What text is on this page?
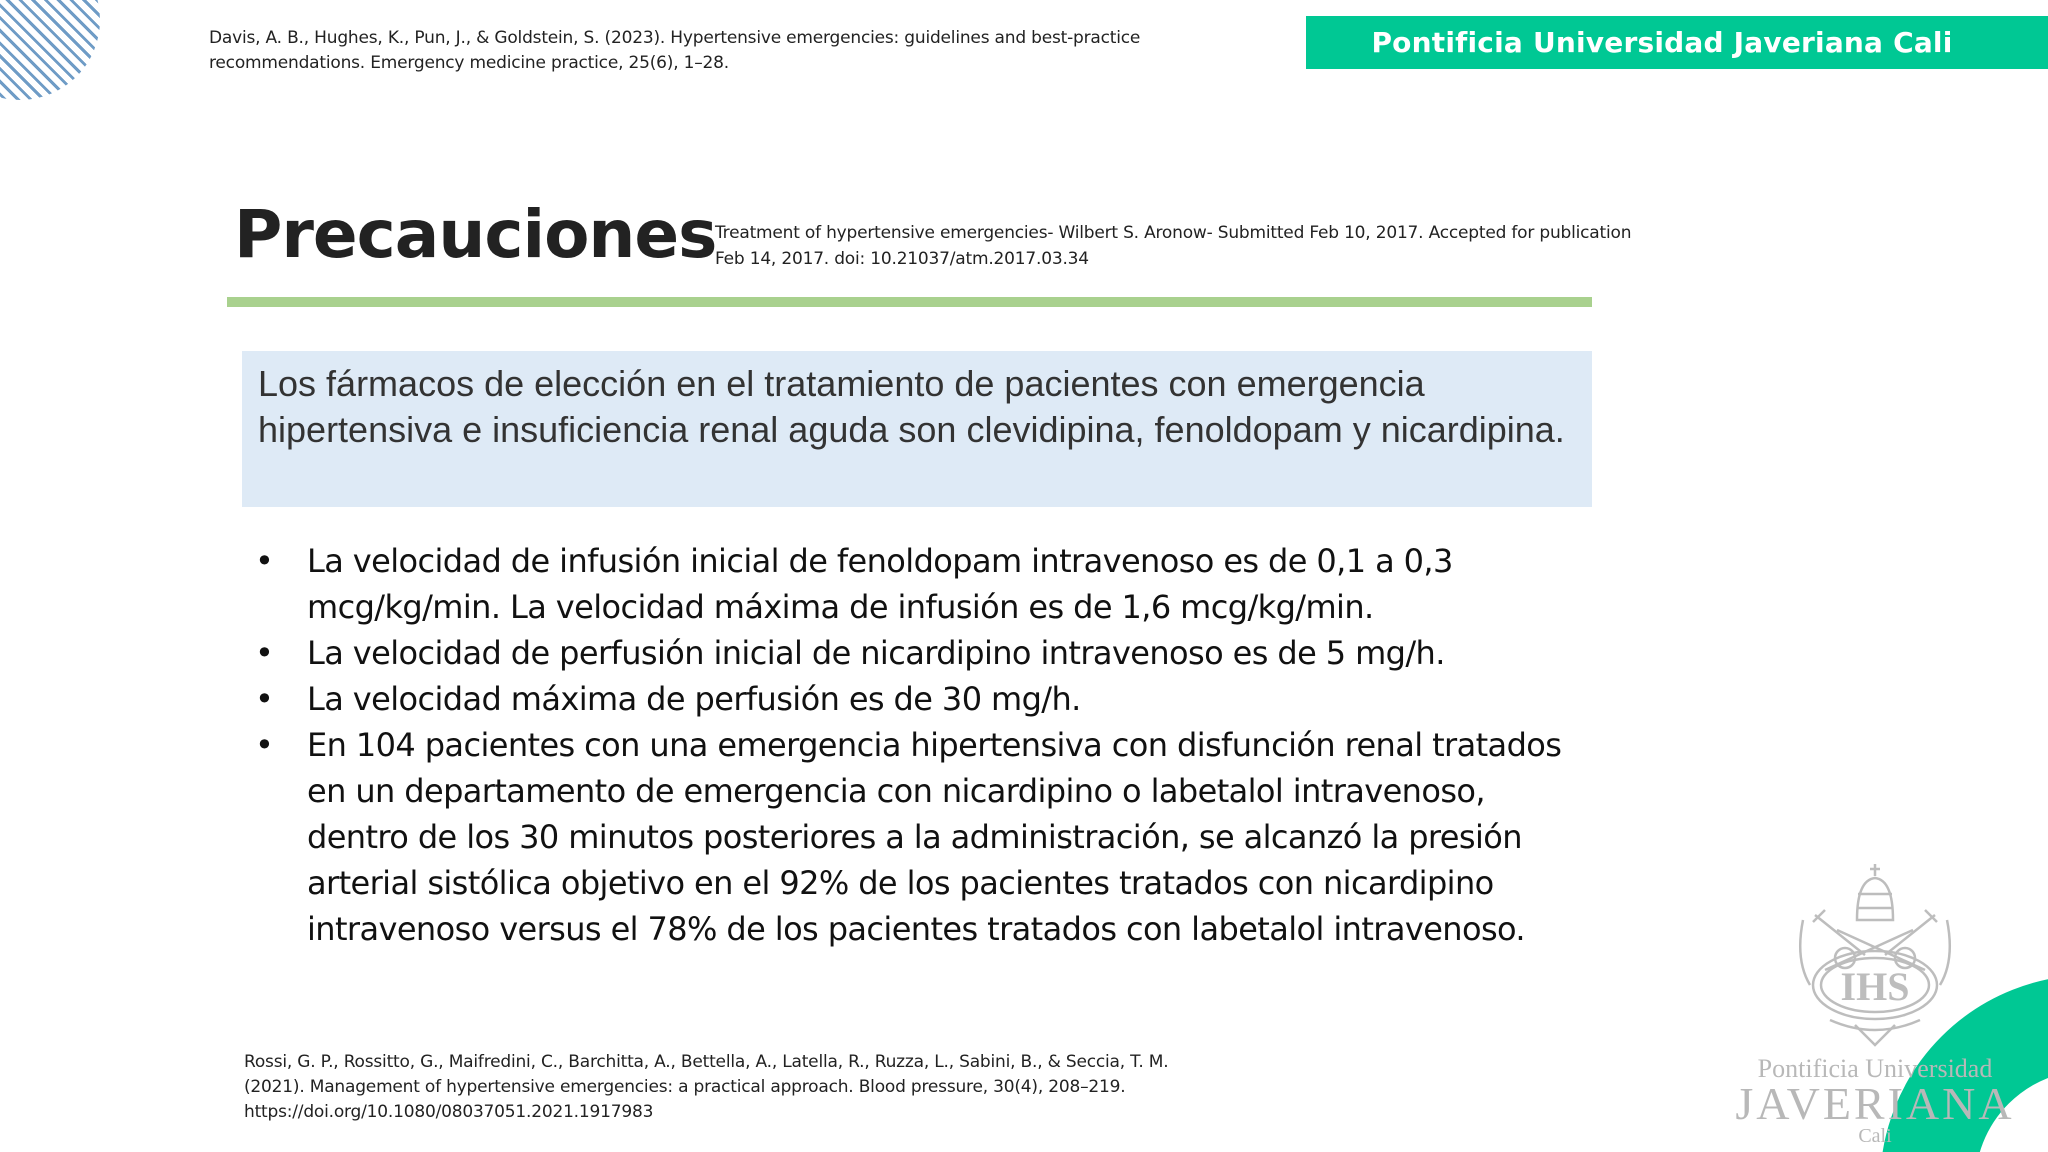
Davis, A. B., Hughes, K., Pun, J., & Goldstein, S. (2023). Hypertensive emergencies: guidelines and best-practice
recommendations. Emergency medicine practice, 25(6), 1–28.
Pontificia Universidad Javeriana Cali
Precauciones
Treatment of hypertensive emergencies- Wilbert S. Aronow- Submitted Feb 10, 2017. Accepted for publication
Feb 14, 2017. doi: 10.21037/atm.2017.03.34
Los fármacos de elección en el tratamiento de pacientes con emergencia hipertensiva e insuficiencia renal aguda son clevidipina, fenoldopam y nicardipina.
• La velocidad de infusión inicial de fenoldopam intravenoso es de 0,1 a 0,3 mcg/kg/min. La velocidad máxima de infusión es de 1,6 mcg/kg/min.
• La velocidad de perfusión inicial de nicardipino intravenoso es de 5 mg/h.
• La velocidad máxima de perfusión es de 30 mg/h.
• En 104 pacientes con una emergencia hipertensiva con disfunción renal tratados en un departamento de emergencia con nicardipino o labetalol intravenoso, dentro de los 30 minutos posteriores a la administración, se alcanzó la presión arterial sistólica objetivo en el 92% de los pacientes tratados con nicardipino intravenoso versus el 78% de los pacientes tratados con labetalol intravenoso.
Rossi, G. P., Rossitto, G., Maifredini, C., Barchitta, A., Bettella, A., Latella, R., Ruzza, L., Sabini, B., & Seccia, T. M.
(2021). Management of hypertensive emergencies: a practical approach. Blood pressure, 30(4), 208–219.
https://doi.org/10.1080/08037051.2021.1917983
IHS
Pontificia Universidad
JAVERIANA
Cali
